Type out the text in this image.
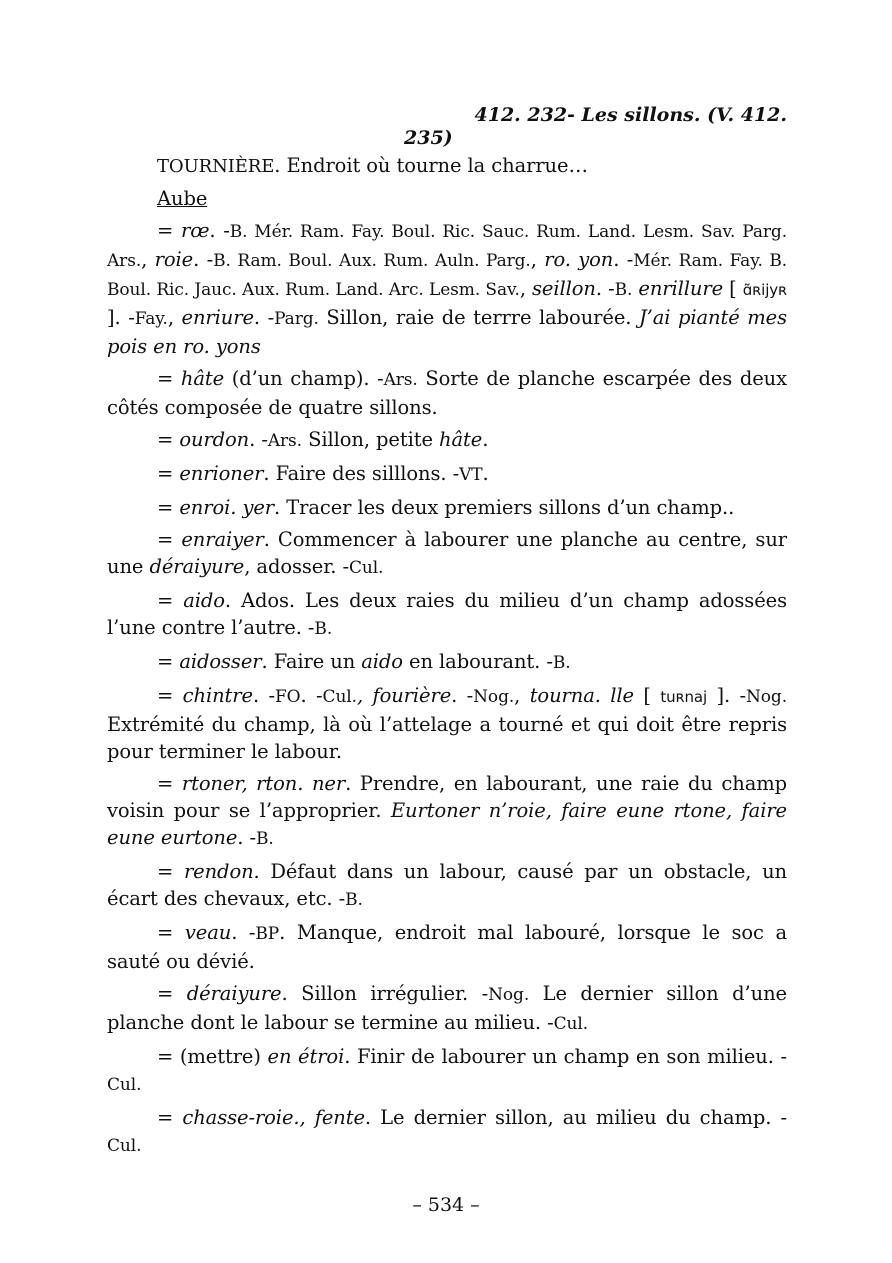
412. 232- Les sillons. (V. 412.
235)

TOURNIÈRE. Endroit où tourne la charrue…

Aube

= rœ. -B. Mér. Ram. Fay. Boul. Ric. Sauc. Rum. Land. Lesm. Sav. Parg. Ars., roie. -B. Ram. Boul. Aux. Rum. Auln. Parg., ro. yon. -Mér. Ram. Fay. B. Boul. Ric. Jauc. Aux. Rum. Land. Arc. Lesm. Sav., seillon. -B. enrillure [ ɑ̃ʀijyʀ ]. -Fay., enriure. -Parg. Sillon, raie de terrre labourée. J’ai pianté mes pois en ro. yons

= hâte (d’un champ). -Ars. Sorte de planche escarpée des deux côtés composée de quatre sillons.

= ourdon. -Ars. Sillon, petite hâte.

= enrioner. Faire des silllons. -VT.

= enroi. yer. Tracer les deux premiers sillons d’un champ..

= enraiyer. Commencer à labourer une planche au centre, sur une déraiyure, adosser. -Cul.

= aido. Ados. Les deux raies du milieu d’un champ adossées l’une contre l’autre. -B.

= aidosser. Faire un aido en labourant. -B.

= chintre. -FO. -Cul., fourière. -Nog., tourna. lle [ tuʀnaj ]. -Nog. Extrémité du champ, là où l’attelage a tourné et qui doit être repris pour terminer le labour.

= rtoner, rton. ner. Prendre, en labourant, une raie du champ voisin pour se l’approprier. Eurtoner n’roie, faire eune rtone, faire eune eurtone. -B.

= rendon. Défaut dans un labour, causé par un obstacle, un écart des chevaux, etc. -B.

= veau. -BP. Manque, endroit mal labouré, lorsque le soc a sauté ou dévié.

= déraiyure. Sillon irrégulier. -Nog. Le dernier sillon d’une planche dont le labour se termine au milieu. -Cul.

= (mettre) en étroi. Finir de labourer un champ en son milieu. -Cul.

= chasse-roie., fente. Le dernier sillon, au milieu du champ. -Cul.

– 534 –
